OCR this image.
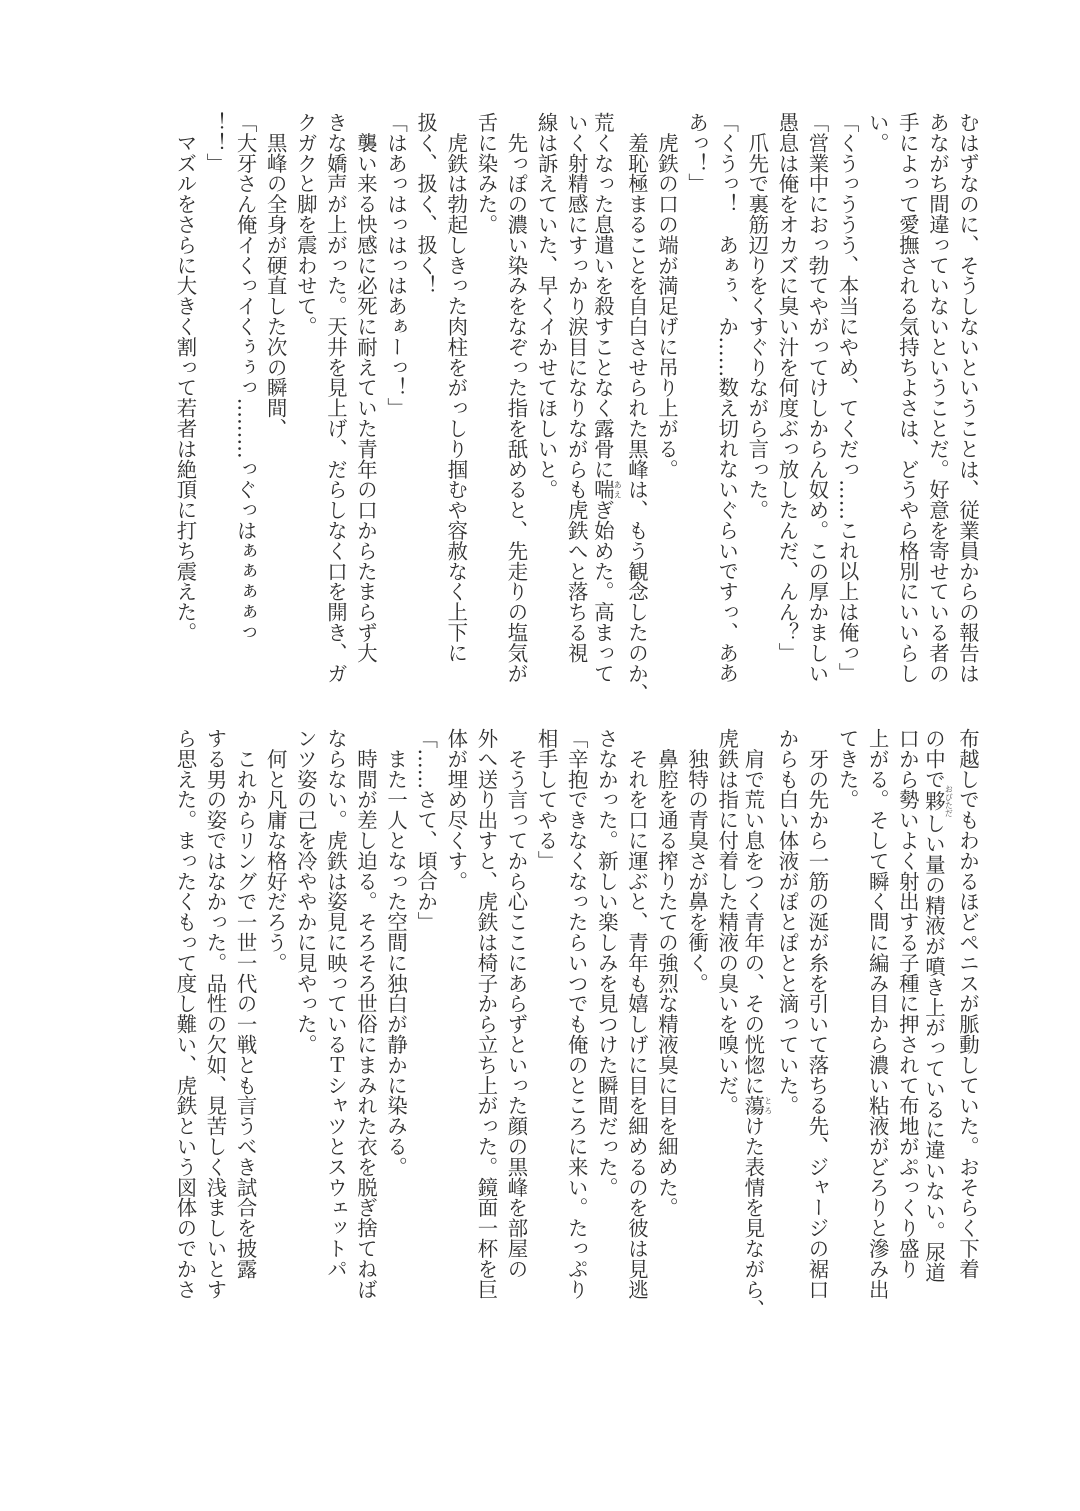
むはずなのに、そうしないということは、従業員からの報告は
あながち間違っていないということだ。好意を寄せている者の
手によって愛撫される気持ちよさは、どうやら格別にいいらし
い。
「くうっううう、本当にやめ、てくだっ……これ以上は俺っ」
「営業中におっ勃てやがってけしからん奴め。この厚かましい
愚息は俺をオカズに臭い汁を何度ぶっ放したんだ、んん？」
　爪先で裏筋辺りをくすぐりながら言った。
「くうっ！　あぁぅ、か……数え切れないぐらいですっ、ああ
あっ！」
　虎鉄の口の端が満足げに吊り上がる。
　羞恥極まることを自白させられた黒峰は、もう観念したのか、
荒くなった息遣いを殺すことなく露骨に喘あえぎ始めた。高まって
いく射精感にすっかり涙目になりながらも虎鉄へと落ちる視
線は訴えていた、早くイかせてほしいと。
　先っぽの濃い染みをなぞった指を舐めると、先走りの塩気が
舌に染みた。
　虎鉄は勃起しきった肉柱をがっしり掴むや容赦なく上下に
扱く、扱く、扱く！
「はあっはっはっはあぁーっ！」
　襲い来る快感に必死に耐えていた青年の口からたまらず大
きな嬌声が上がった。天井を見上げ、だらしなく口を開き、ガ
クガクと脚を震わせて。
　黒峰の全身が硬直した次の瞬間、
「大牙さん俺イくっイくぅぅっ………っぐっはぁぁぁぁっ
！！」
　マズルをさらに大きく割って若者は絶頂に打ち震えた。
布越しでもわかるほどペニスが脈動していた。おそらく下着
の中で夥おびただしい量の精液が噴き上がっているに違いない。尿道
口から勢いよく射出する子種に押されて布地がぷっくり盛り
上がる。そして瞬く間に編み目から濃い粘液がどろりと滲み出
てきた。
　牙の先から一筋の涎が糸を引いて落ちる先、ジャージの裾口
からも白い体液がぽとぽとと滴っていた。
　肩で荒い息をつく青年の、その恍惚に蕩とろけた表情を見ながら、
虎鉄は指に付着した精液の臭いを嗅いだ。
　独特の青臭さが鼻を衝く。
　鼻腔を通る搾りたての強烈な精液臭に目を細めた。
　それを口に運ぶと、青年も嬉しげに目を細めるのを彼は見逃
さなかった。新しい楽しみを見つけた瞬間だった。
「辛抱できなくなったらいつでも俺のところに来い。たっぷり
相手してやる」
　そう言ってから心ここにあらずといった顔の黒峰を部屋の
外へ送り出すと、虎鉄は椅子から立ち上がった。鏡面一杯を巨
体が埋め尽くす。
「……さて、頃合か」
　また一人となった空間に独白が静かに染みる。
　時間が差し迫る。そろそろ世俗にまみれた衣を脱ぎ捨てねば
ならない。虎鉄は姿見に映っているＴシャツとスウェットパ
ンツ姿の己を冷ややかに見やった。
　何と凡庸な格好だろう。
　これからリングで一世一代の一戦とも言うべき試合を披露
する男の姿ではなかった。品性の欠如、見苦しく浅ましいとす
ら思えた。まったくもって度し難い、虎鉄という図体のでかさ
